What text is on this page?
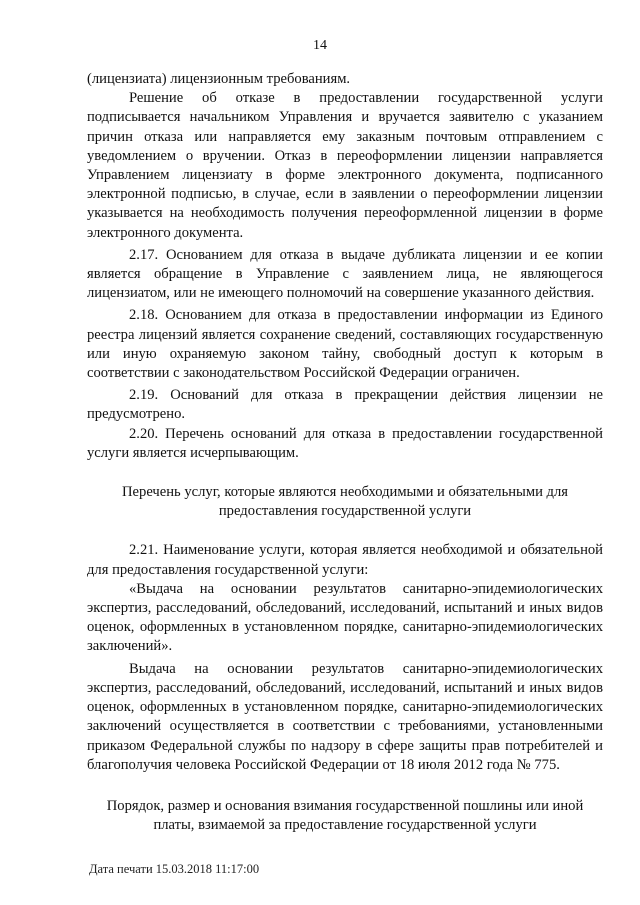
14

(лицензиата) лицензионным требованиям.

Решение об отказе в предоставлении государственной услуги подписывается начальником Управления и вручается заявителю с указанием причин отказа или направляется ему заказным почтовым отправлением с уведомлением о вручении. Отказ в переоформлении лицензии направляется Управлением лицензиату в форме электронного документа, подписанного электронной подписью, в случае, если в заявлении о переоформлении лицензии указывается на необходимость получения переоформленной лицензии в форме электронного документа.

2.17. Основанием для отказа в выдаче дубликата лицензии и ее копии является обращение в Управление с заявлением лица, не являющегося лицензиатом, или не имеющего полномочий на совершение указанного действия.

2.18. Основанием для отказа в предоставлении информации из Единого реестра лицензий является сохранение сведений, составляющих государственную или иную охраняемую законом тайну, свободный доступ к которым в соответствии с законодательством Российской Федерации ограничен.

2.19. Оснований для отказа в прекращении действия лицензии не предусмотрено.

2.20. Перечень оснований для отказа в предоставлении государственной услуги является исчерпывающим.

Перечень услуг, которые являются необходимыми и обязательными для предоставления государственной услуги

2.21. Наименование услуги, которая является необходимой и обязательной для предоставления государственной услуги:

«Выдача на основании результатов санитарно-эпидемиологических экспертиз, расследований, обследований, исследований, испытаний и иных видов оценок, оформленных в установленном порядке, санитарно-эпидемиологических заключений».

Выдача на основании результатов санитарно-эпидемиологических экспертиз, расследований, обследований, исследований, испытаний и иных видов оценок, оформленных в установленном порядке, санитарно-эпидемиологических заключений осуществляется в соответствии с требованиями, установленными приказом Федеральной службы по надзору в сфере защиты прав потребителей и благополучия человека Российской Федерации от 18 июля 2012 года № 775.

Порядок, размер и основания взимания государственной пошлины или иной платы, взимаемой за предоставление государственной услуги

Дата печати 15.03.2018 11:17:00
